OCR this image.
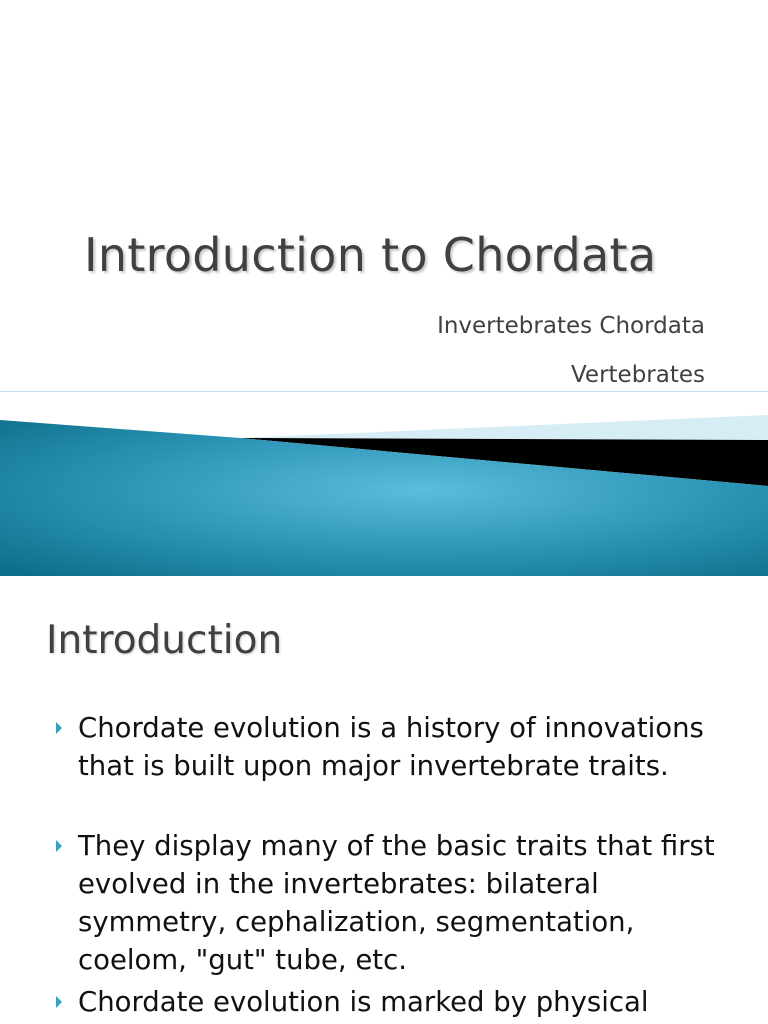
Introduction to Chordata
Invertebrates Chordata
Vertebrates
Introduction
Chordate evolution is a history of innovations that is built upon major invertebrate traits.
They display many of the basic traits that first evolved in the invertebrates: bilateral symmetry, cephalization, segmentation, coelom, "gut" tube, etc.
Chordate evolution is marked by physical
